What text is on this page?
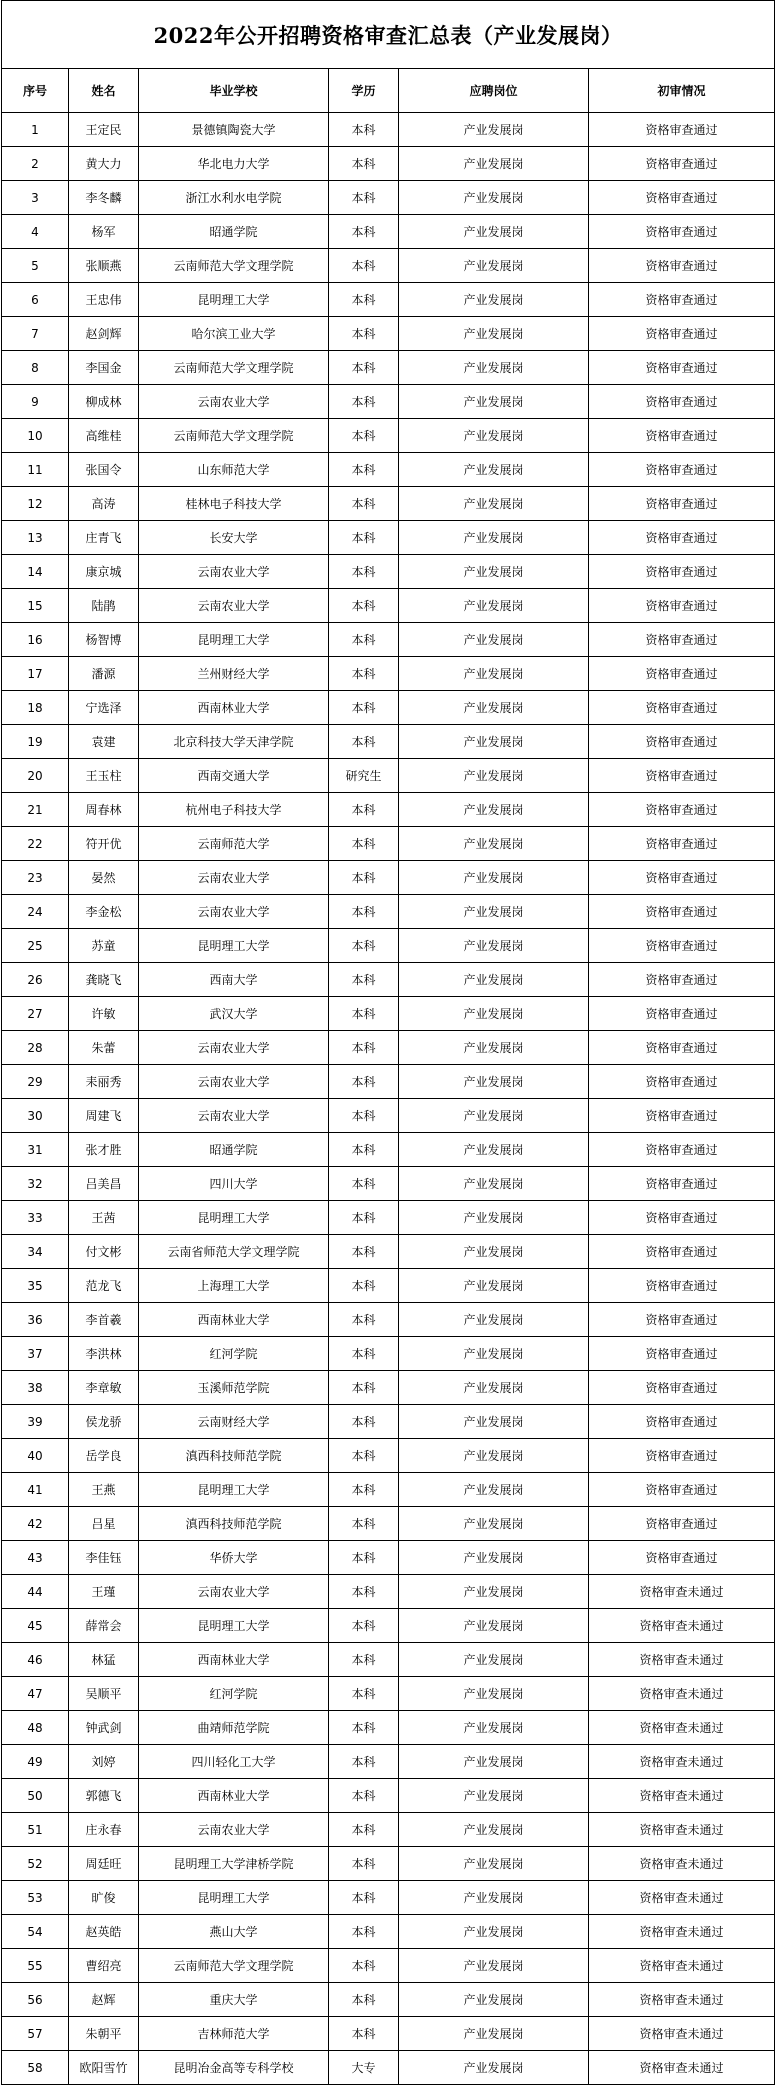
2022年公开招聘资格审查汇总表（产业发展岗）					
序号	姓名	毕业学校	学历	应聘岗位	初审情况
1	王定民	景德镇陶瓷大学	本科	产业发展岗	资格审查通过
2	黄大力	华北电力大学	本科	产业发展岗	资格审查通过
3	李冬麟	浙江水利水电学院	本科	产业发展岗	资格审查通过
4	杨军	昭通学院	本科	产业发展岗	资格审查通过
5	张顺燕	云南师范大学文理学院	本科	产业发展岗	资格审查通过
6	王忠伟	昆明理工大学	本科	产业发展岗	资格审查通过
7	赵剑辉	哈尔滨工业大学	本科	产业发展岗	资格审查通过
8	李国金	云南师范大学文理学院	本科	产业发展岗	资格审查通过
9	柳成林	云南农业大学	本科	产业发展岗	资格审查通过
10	高维桂	云南师范大学文理学院	本科	产业发展岗	资格审查通过
11	张国令	山东师范大学	本科	产业发展岗	资格审查通过
12	高涛	桂林电子科技大学	本科	产业发展岗	资格审查通过
13	庄青飞	长安大学	本科	产业发展岗	资格审查通过
14	康京城	云南农业大学	本科	产业发展岗	资格审查通过
15	陆鹃	云南农业大学	本科	产业发展岗	资格审查通过
16	杨智博	昆明理工大学	本科	产业发展岗	资格审查通过
17	潘源	兰州财经大学	本科	产业发展岗	资格审查通过
18	宁选泽	西南林业大学	本科	产业发展岗	资格审查通过
19	袁建	北京科技大学天津学院	本科	产业发展岗	资格审查通过
20	王玉柱	西南交通大学	研究生	产业发展岗	资格审查通过
21	周春林	杭州电子科技大学	本科	产业发展岗	资格审查通过
22	符开优	云南师范大学	本科	产业发展岗	资格审查通过
23	晏然	云南农业大学	本科	产业发展岗	资格审查通过
24	李金松	云南农业大学	本科	产业发展岗	资格审查通过
25	苏童	昆明理工大学	本科	产业发展岗	资格审查通过
26	龚晓飞	西南大学	本科	产业发展岗	资格审查通过
27	许敏	武汉大学	本科	产业发展岗	资格审查通过
28	朱蕾	云南农业大学	本科	产业发展岗	资格审查通过
29	耒丽秀	云南农业大学	本科	产业发展岗	资格审查通过
30	周建飞	云南农业大学	本科	产业发展岗	资格审查通过
31	张才胜	昭通学院	本科	产业发展岗	资格审查通过
32	吕美昌	四川大学	本科	产业发展岗	资格审查通过
33	王茜	昆明理工大学	本科	产业发展岗	资格审查通过
34	付文彬	云南省师范大学文理学院	本科	产业发展岗	资格审查通过
35	范龙飞	上海理工大学	本科	产业发展岗	资格审查通过
36	李首羲	西南林业大学	本科	产业发展岗	资格审查通过
37	李洪林	红河学院	本科	产业发展岗	资格审查通过
38	李章敏	玉溪师范学院	本科	产业发展岗	资格审查通过
39	侯龙骄	云南财经大学	本科	产业发展岗	资格审查通过
40	岳学良	滇西科技师范学院	本科	产业发展岗	资格审查通过
41	王燕	昆明理工大学	本科	产业发展岗	资格审查通过
42	吕星	滇西科技师范学院	本科	产业发展岗	资格审查通过
43	李佳钰	华侨大学	本科	产业发展岗	资格审查通过
44	王瑾	云南农业大学	本科	产业发展岗	资格审查未通过
45	薛常会	昆明理工大学	本科	产业发展岗	资格审查未通过
46	林猛	西南林业大学	本科	产业发展岗	资格审查未通过
47	吴顺平	红河学院	本科	产业发展岗	资格审查未通过
48	钟武剑	曲靖师范学院	本科	产业发展岗	资格审查未通过
49	刘婷	四川轻化工大学	本科	产业发展岗	资格审查未通过
50	郭德飞	西南林业大学	本科	产业发展岗	资格审查未通过
51	庄永春	云南农业大学	本科	产业发展岗	资格审查未通过
52	周廷旺	昆明理工大学津桥学院	本科	产业发展岗	资格审查未通过
53	旷俊	昆明理工大学	本科	产业发展岗	资格审查未通过
54	赵英皓	燕山大学	本科	产业发展岗	资格审查未通过
55	曹绍亮	云南师范大学文理学院	本科	产业发展岗	资格审查未通过
56	赵辉	重庆大学	本科	产业发展岗	资格审查未通过
57	朱朝平	吉林师范大学	本科	产业发展岗	资格审查未通过
58	欧阳雪竹	昆明冶金高等专科学校	大专	产业发展岗	资格审查未通过
